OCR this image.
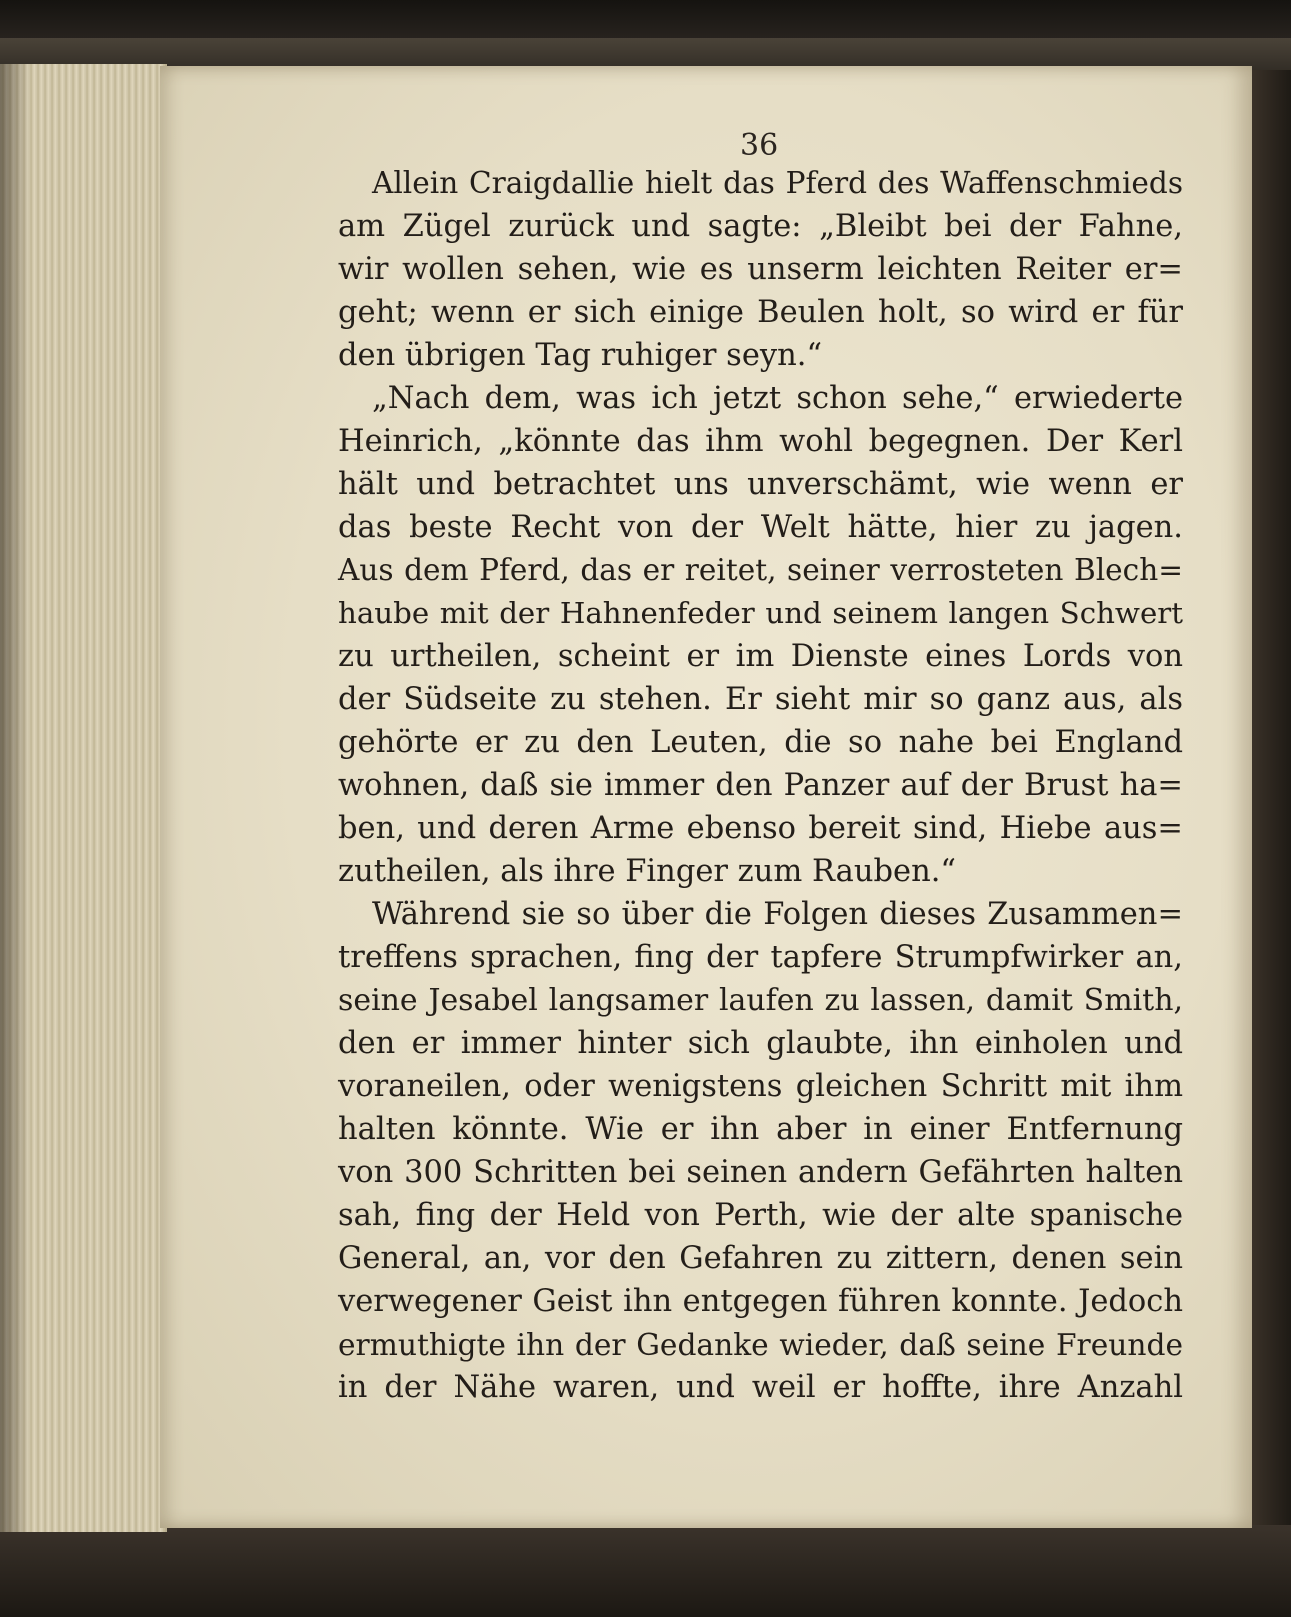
36
Allein Craigdallie hielt das Pferd des Waffenschmieds
am Zügel zurück und sagte: „Bleibt bei der Fahne,
wir wollen sehen, wie es unserm leichten Reiter er=
geht; wenn er sich einige Beulen holt, so wird er für
den übrigen Tag ruhiger seyn.“
„Nach dem, was ich jetzt schon sehe,“ erwiederte
Heinrich, „könnte das ihm wohl begegnen. Der Kerl
hält und betrachtet uns unverschämt, wie wenn er
das beste Recht von der Welt hätte, hier zu jagen.
Aus dem Pferd, das er reitet, seiner verrosteten Blech=
haube mit der Hahnenfeder und seinem langen Schwert
zu urtheilen, scheint er im Dienste eines Lords von
der Südseite zu stehen. Er sieht mir so ganz aus, als
gehörte er zu den Leuten, die so nahe bei England
wohnen, daß sie immer den Panzer auf der Brust ha=
ben, und deren Arme ebenso bereit sind, Hiebe aus=
zutheilen, als ihre Finger zum Rauben.“
Während sie so über die Folgen dieses Zusammen=
treffens sprachen, fing der tapfere Strumpfwirker an,
seine Jesabel langsamer laufen zu lassen, damit Smith,
den er immer hinter sich glaubte, ihn einholen und
voraneilen, oder wenigstens gleichen Schritt mit ihm
halten könnte. Wie er ihn aber in einer Entfernung
von 300 Schritten bei seinen andern Gefährten halten
sah, fing der Held von Perth, wie der alte spanische
General, an, vor den Gefahren zu zittern, denen sein
verwegener Geist ihn entgegen führen konnte. Jedoch
ermuthigte ihn der Gedanke wieder, daß seine Freunde
in der Nähe waren, und weil er hoffte, ihre Anzahl
